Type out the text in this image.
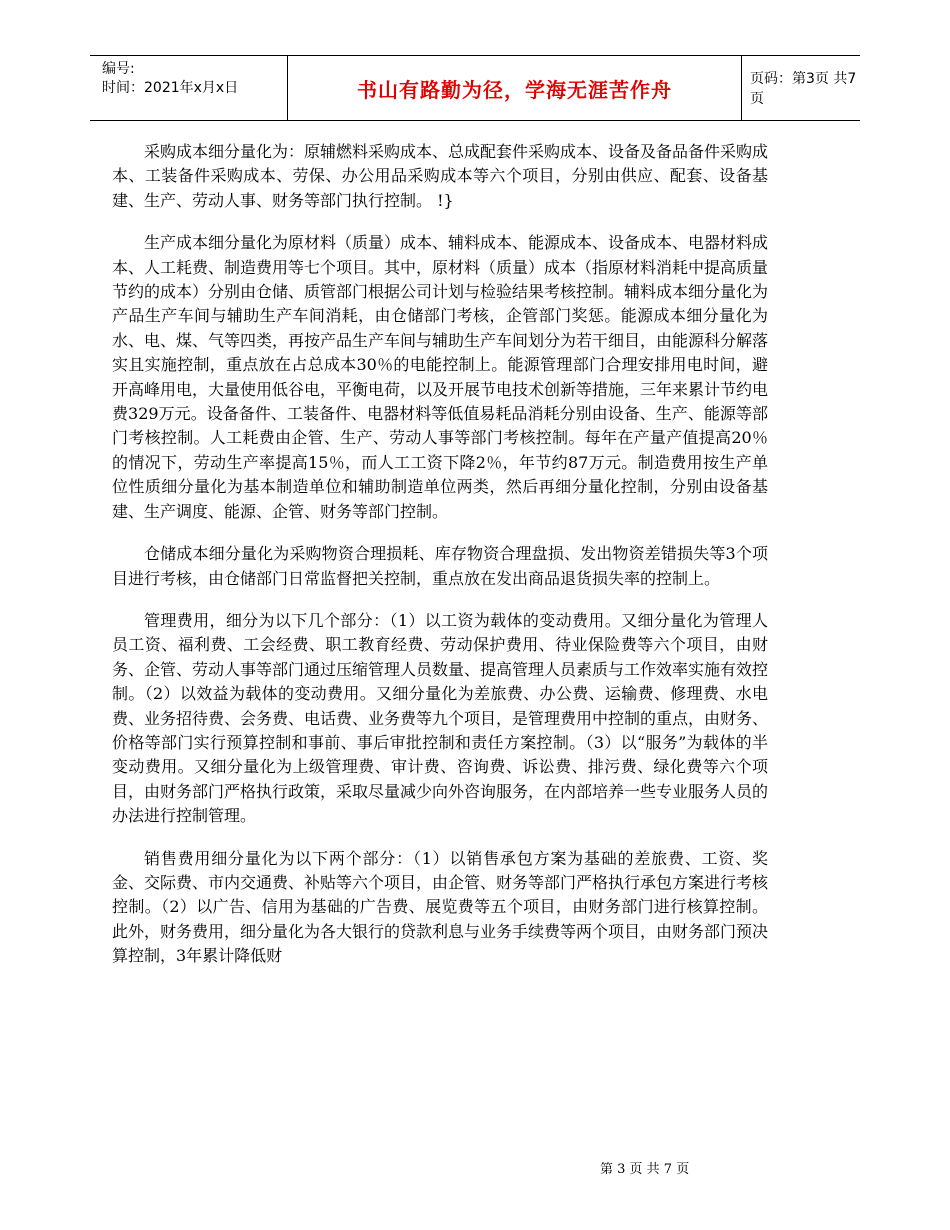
编号:
时间：2021年x月x日	书山有路勤为径，学海无涯苦作舟	页码：第3页 共7页

采购成本细分量化为：原辅燃料采购成本、总成配套件采购成本、设备及备品备件采购成本、工装备件采购成本、劳保、办公用品采购成本等六个项目，分别由供应、配套、设备基建、生产、劳动人事、财务等部门执行控制。 !}

生产成本细分量化为原材料（质量）成本、辅料成本、能源成本、设备成本、电器材料成本、人工耗费、制造费用等七个项目。其中，原材料（质量）成本（指原材料消耗中提高质量节约的成本）分别由仓储、质管部门根据公司计划与检验结果考核控制。辅料成本细分量化为产品生产车间与辅助生产车间消耗，由仓储部门考核，企管部门奖惩。能源成本细分量化为水、电、煤、气等四类，再按产品生产车间与辅助生产车间划分为若干细目，由能源科分解落实且实施控制，重点放在占总成本30％的电能控制上。能源管理部门合理安排用电时间，避开高峰用电，大量使用低谷电，平衡电荷，以及开展节电技术创新等措施，三年来累计节约电费329万元。设备备件、工装备件、电器材料等低值易耗品消耗分别由设备、生产、能源等部门考核控制。人工耗费由企管、生产、劳动人事等部门考核控制。每年在产量产值提高20％的情况下，劳动生产率提高15％，而人工工资下降2％，年节约87万元。制造费用按生产单位性质细分量化为基本制造单位和辅助制造单位两类，然后再细分量化控制，分别由设备基建、生产调度、能源、企管、财务等部门控制。

仓储成本细分量化为采购物资合理损耗、库存物资合理盘损、发出物资差错损失等3个项目进行考核，由仓储部门日常监督把关控制，重点放在发出商品退货损失率的控制上。

管理费用，细分为以下几个部分：（1）以工资为载体的变动费用。又细分量化为管理人员工资、福利费、工会经费、职工教育经费、劳动保护费用、待业保险费等六个项目，由财务、企管、劳动人事等部门通过压缩管理人员数量、提高管理人员素质与工作效率实施有效控制。（2）以效益为载体的变动费用。又细分量化为差旅费、办公费、运输费、修理费、水电费、业务招待费、会务费、电话费、业务费等九个项目，是管理费用中控制的重点，由财务、价格等部门实行预算控制和事前、事后审批控制和责任方案控制。（3）以“服务”为载体的半变动费用。又细分量化为上级管理费、审计费、咨询费、诉讼费、排污费、绿化费等六个项目，由财务部门严格执行政策，采取尽量减少向外咨询服务，在内部培养一些专业服务人员的办法进行控制管理。

销售费用细分量化为以下两个部分：（1）以销售承包方案为基础的差旅费、工资、奖金、交际费、市内交通费、补贴等六个项目，由企管、财务等部门严格执行承包方案进行考核控制。（2）以广告、信用为基础的广告费、展览费等五个项目，由财务部门进行核算控制。此外，财务费用，细分量化为各大银行的贷款利息与业务手续费等两个项目，由财务部门预决算控制，3年累计降低财

第 3 页 共 7 页
